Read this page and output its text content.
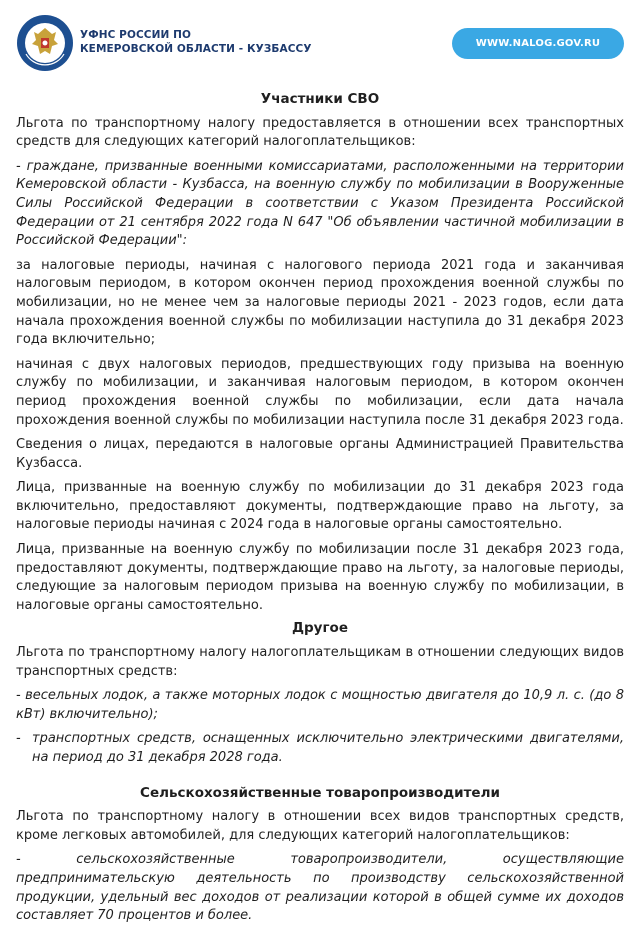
УФНС РОССИИ ПО
КЕМЕРОВСКОЙ ОБЛАСТИ - КУЗБАССУ	WWW.NALOG.GOV.RU
Участники СВО

Льгота по транспортному налогу предоставляется в отношении всех транспортных средств для следующих категорий налогоплательщиков:

- граждане, призванные военными комиссариатами, расположенными на территории Кемеровской области - Кузбасса, на военную службу по мобилизации в Вооруженные Силы Российской Федерации в соответствии с Указом Президента Российской Федерации от 21 сентября 2022 года N 647 "Об объявлении частичной мобилизации в Российской Федерации":

за налоговые периоды, начиная с налогового периода 2021 года и заканчивая налоговым периодом, в котором окончен период прохождения военной службы по мобилизации, но не менее чем за налоговые периоды 2021 - 2023 годов, если дата начала прохождения военной службы по мобилизации наступила до 31 декабря 2023 года включительно;

начиная с двух налоговых периодов, предшествующих году призыва на военную службу по мобилизации, и заканчивая налоговым периодом, в котором окончен период прохождения военной службы по мобилизации, если дата начала прохождения военной службы по мобилизации наступила после 31 декабря 2023 года.

Сведения о лицах, передаются в налоговые органы Администрацией Правительства Кузбасса.

Лица, призванные на военную службу по мобилизации до 31 декабря 2023 года включительно, предоставляют документы, подтверждающие право на льготу, за налоговые периоды начиная с 2024 года в налоговые органы самостоятельно.

Лица, призванные на военную службу по мобилизации после 31 декабря 2023 года, предоставляют документы, подтверждающие право на льготу, за налоговые периоды, следующие за налоговым периодом призыва на военную службу по мобилизации, в налоговые органы самостоятельно.

Другое

Льгота по транспортному налогу налогоплательщикам в отношении следующих видов транспортных средств:

- весельных лодок, а также моторных лодок с мощностью двигателя до 10,9 л. с. (до 8 кВт) включительно);

- транспортных средств, оснащенных исключительно электрическими двигателями, на период до 31 декабря 2028 года.
Сельскохозяйственные товаропроизводители

Льгота по транспортному налогу в отношении всех видов транспортных средств, кроме легковых автомобилей, для следующих категорий налогоплательщиков:

-	сельскохозяйственные товаропроизводители, осуществляющие предпринимательскую деятельность по производству сельскохозяйственной продукции, удельный вес доходов от реализации которой в общей сумме их доходов составляет 70 процентов и более.
